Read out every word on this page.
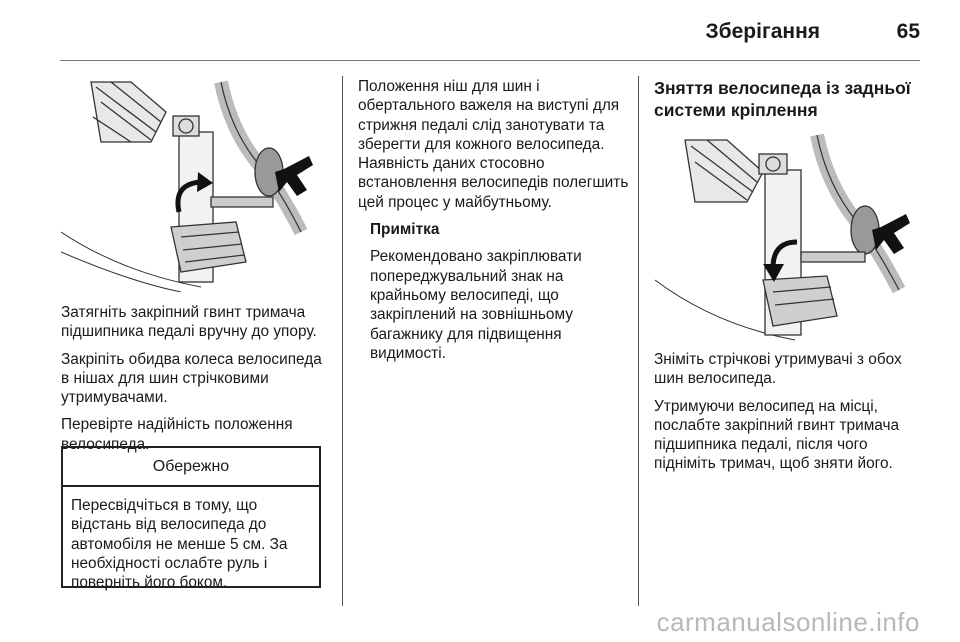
Зберігання	65

Затягніть закріпний гвинт тримача підшипника педалі вручну до упору.

Закріпіть обидва колеса велосипеда в нішах для шин стрічковими утримувачами.

Перевірте надійність положення велосипеда.

Обережно
Пересвідчіться в тому, що відстань від велосипеда до автомобіля не менше 5 см. За необхідності ослабте руль і поверніть його боком.

Положення ніш для шин і обертального важеля на виступі для стрижня педалі слід занотувати та зберегти для кожного велосипеда. Наявність даних стосовно встановлення велосипедів полегшить цей процес у майбутньому.

Примітка

Рекомендовано закріплювати попереджувальний знак на крайньому велосипеді, що закріплений на зовнішньому багажнику для підвищення видимості.

Зняття велосипеда із задньої системи кріплення

Зніміть стрічкові утримувачі з обох шин велосипеда.

Утримуючи велосипед на місці, послабте закріпний гвинт тримача підшипника педалі, після чого підніміть тримач, щоб зняти його.

carmanualsonline.info
